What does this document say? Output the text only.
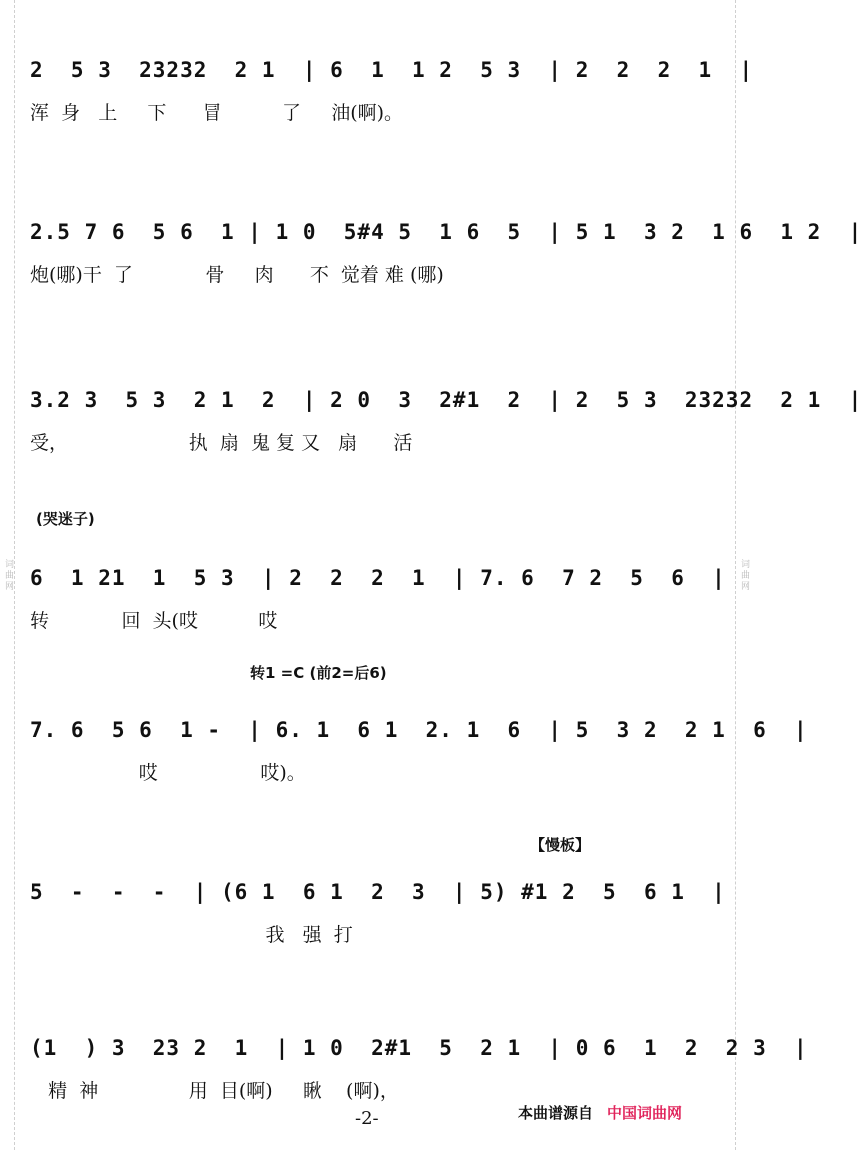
词曲网	词曲网
2  5 3  23232  2 1  | 6  1  1 2  5 3  | 2  2  2  1  |
浑  身   上     下      冒          了     油(啊)。
2.5 7 6  5 6  1 | 1 0  5#4 5  1 6  5  | 5 1  3 2  1 6  1 2  |
炮(哪)干  了            骨     肉      不  觉着 难 (哪)
3.2 3  5 3  2 1  2  | 2 0  3  2#1  2  | 2  5 3  23232  2 1  |
受，                    执  扇  鬼 复 又   扇      活
(哭迷子)
6  1 21  1  5 3  | 2  2  2  1  | 7. 6  7 2  5  6  |
转            回  头(哎          哎
转1 =C (前2=后6)
7. 6  5 6  1 -  | 6. 1  6 1  2. 1  6  | 5  3 2  2 1  6  |
哎                 哎)。
【慢板】
5  -  -  -  | (6 1  6 1  2  3  | 5) #1 2  5  6 1  |
我   强  打
(1  ) 3  23 2  1  | 1 0  2#1  5  2 1  | 0 6  1  2  2 3  |
精  神               用  目(啊)     瞅    (啊)，
-2-	本曲谱源自 中国词曲网
